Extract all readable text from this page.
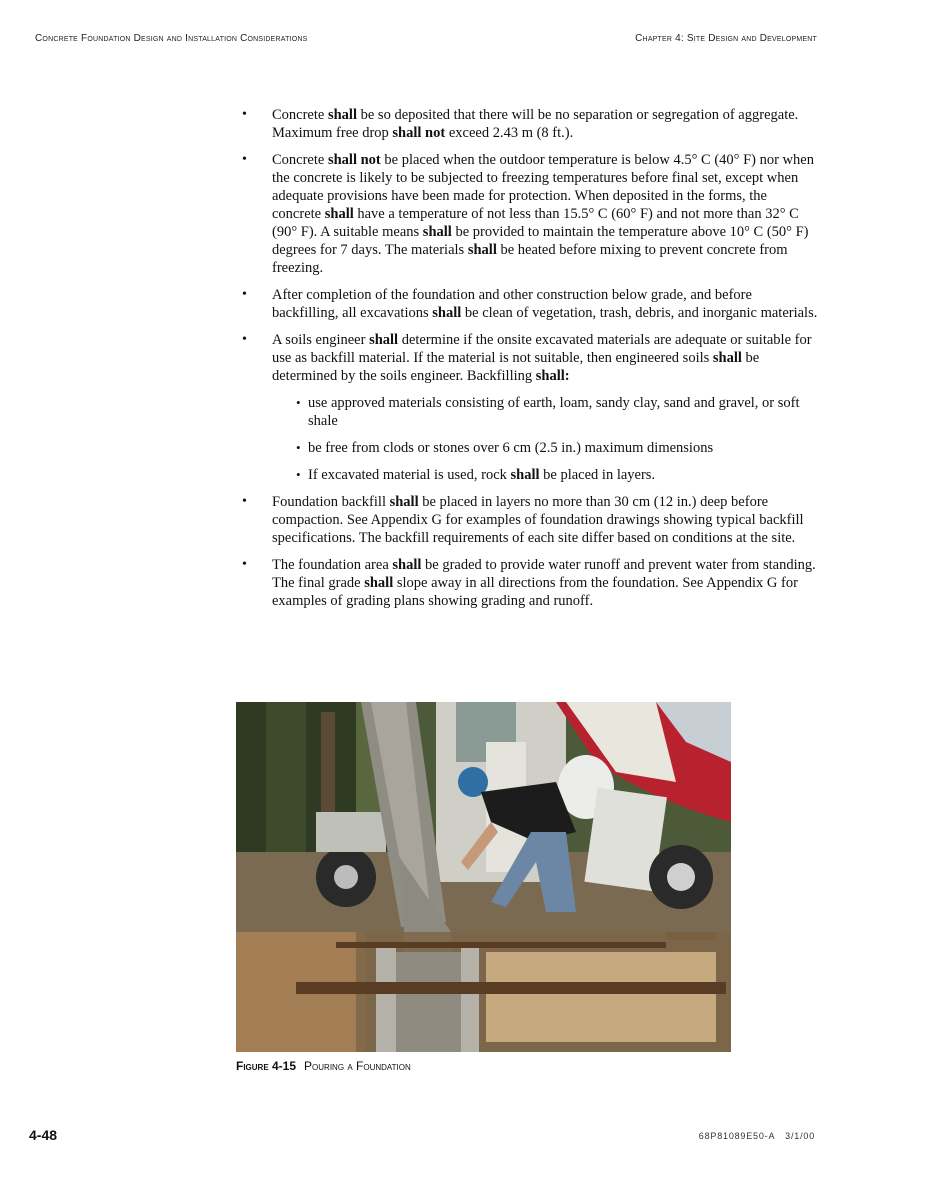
Concrete Foundation Design and Installation Considerations	Chapter 4: Site Design and Development
• Concrete shall be so deposited that there will be no separation or segregation of aggregate. Maximum free drop shall not exceed 2.43 m (8 ft.).

• Concrete shall not be placed when the outdoor temperature is below 4.5° C (40° F) nor when the concrete is likely to be subjected to freezing temperatures before final set, except when adequate provisions have been made for protection. When deposited in the forms, the concrete shall have a temperature of not less than 15.5° C (60° F) and not more than 32° C (90° F). A suitable means shall be provided to maintain the temperature above 10° C (50° F) degrees for 7 days. The materials shall be heated before mixing to prevent concrete from freezing.

• After completion of the foundation and other construction below grade, and before backfilling, all excavations shall be clean of vegetation, trash, debris, and inorganic materials.

• A soils engineer shall determine if the onsite excavated materials are adequate or suitable for use as backfill material. If the material is not suitable, then engineered soils shall be determined by the soils engineer. Backfilling shall:

• use approved materials consisting of earth, loam, sandy clay, sand and gravel, or soft shale

• be free from clods or stones over 6 cm (2.5 in.) maximum dimensions

• If excavated material is used, rock shall be placed in layers.

• Foundation backfill shall be placed in layers no more than 30 cm (12 in.) deep before compaction. See Appendix G for examples of foundation drawings showing typical backfill specifications. The backfill requirements of each site differ based on conditions at the site.

• The foundation area shall be graded to provide water runoff and prevent water from standing. The final grade shall slope away in all directions from the foundation. See Appendix G for examples of grading plans showing grading and runoff.

Figure 4-15 Pouring a Foundation
4-48	68P81089E50-A 3/1/00
